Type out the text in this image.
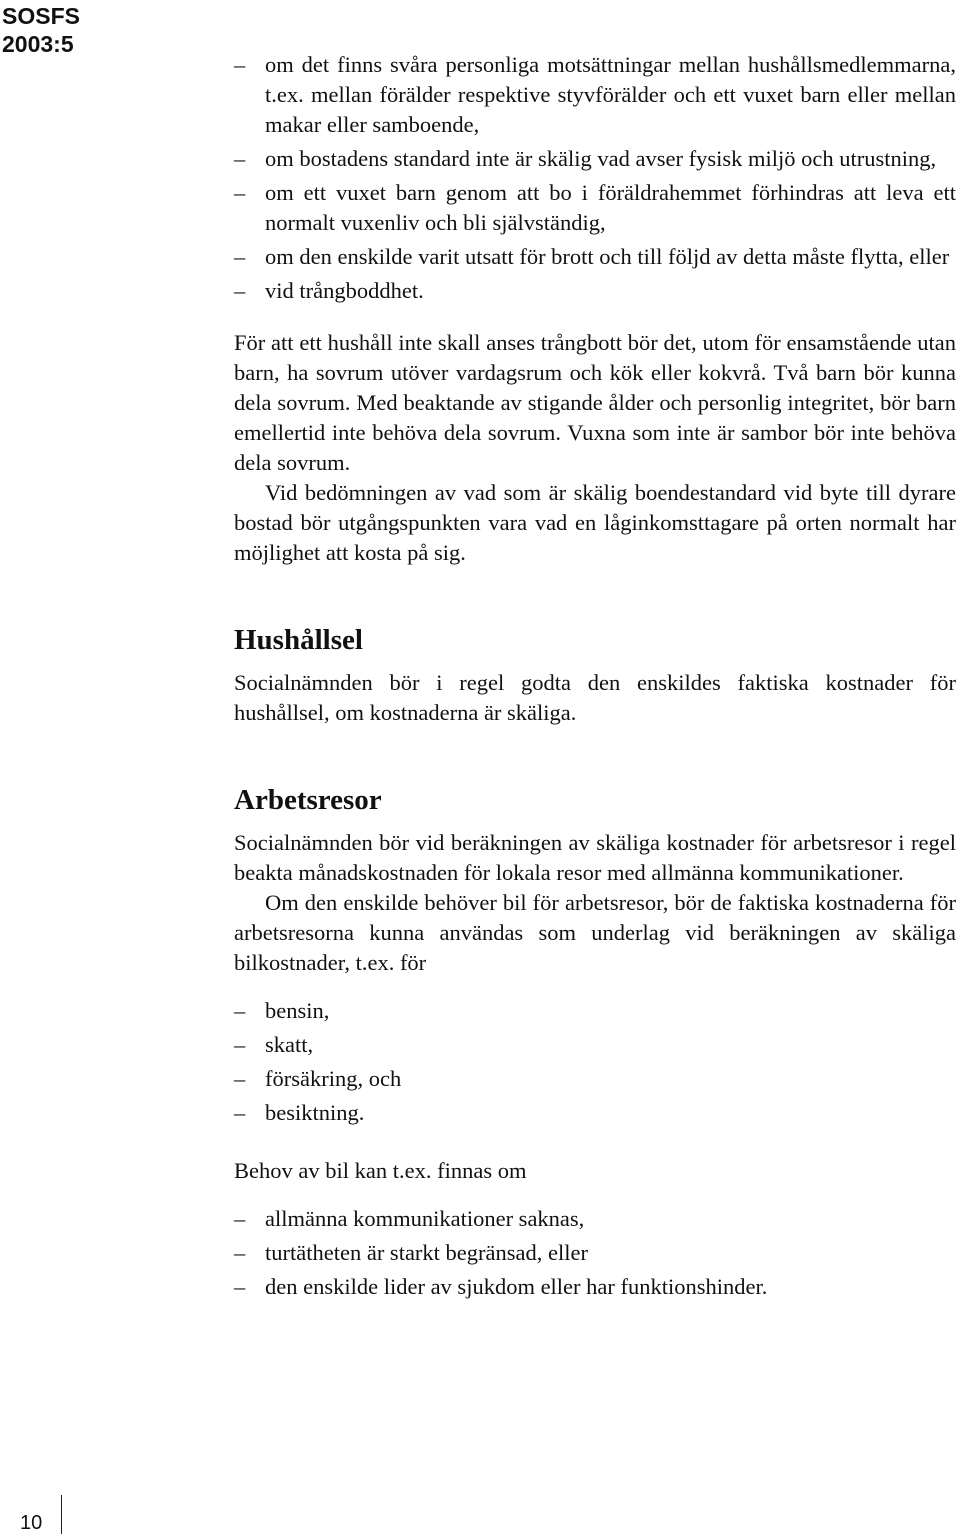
SOSFS
2003:5
– om det finns svåra personliga motsättningar mellan hushållsmedlemmarna, t.ex. mellan förälder respektive styvförälder och ett vuxet barn eller mellan makar eller samboende,
– om bostadens standard inte är skälig vad avser fysisk miljö och utrustning,
– om ett vuxet barn genom att bo i föräldrahemmet förhindras att leva ett normalt vuxenliv och bli självständig,
– om den enskilde varit utsatt för brott och till följd av detta måste flytta, eller
– vid trångboddhet.

För att ett hushåll inte skall anses trångbott bör det, utom för ensamstående utan barn, ha sovrum utöver vardagsrum och kök eller kokvrå. Två barn bör kunna dela sovrum. Med beaktande av stigande ålder och personlig integritet, bör barn emellertid inte behöva dela sovrum. Vuxna som inte är sambor bör inte behöva dela sovrum.

Vid bedömningen av vad som är skälig boendestandard vid byte till dyrare bostad bör utgångspunkten vara vad en låginkomsttagare på orten normalt har möjlighet att kosta på sig.

Hushållsel

Socialnämnden bör i regel godta den enskildes faktiska kostnader för hushållsel, om kostnaderna är skäliga.

Arbetsresor

Socialnämnden bör vid beräkningen av skäliga kostnader för arbetsresor i regel beakta månadskostnaden för lokala resor med allmänna kommunikationer.

Om den enskilde behöver bil för arbetsresor, bör de faktiska kostnaderna för arbetsresorna kunna användas som underlag vid beräkningen av skäliga bilkostnader, t.ex. för

– bensin,
– skatt,
– försäkring, och
– besiktning.

Behov av bil kan t.ex. finnas om

– allmänna kommunikationer saknas,
– turtätheten är starkt begränsad, eller
– den enskilde lider av sjukdom eller har funktionshinder.
10
